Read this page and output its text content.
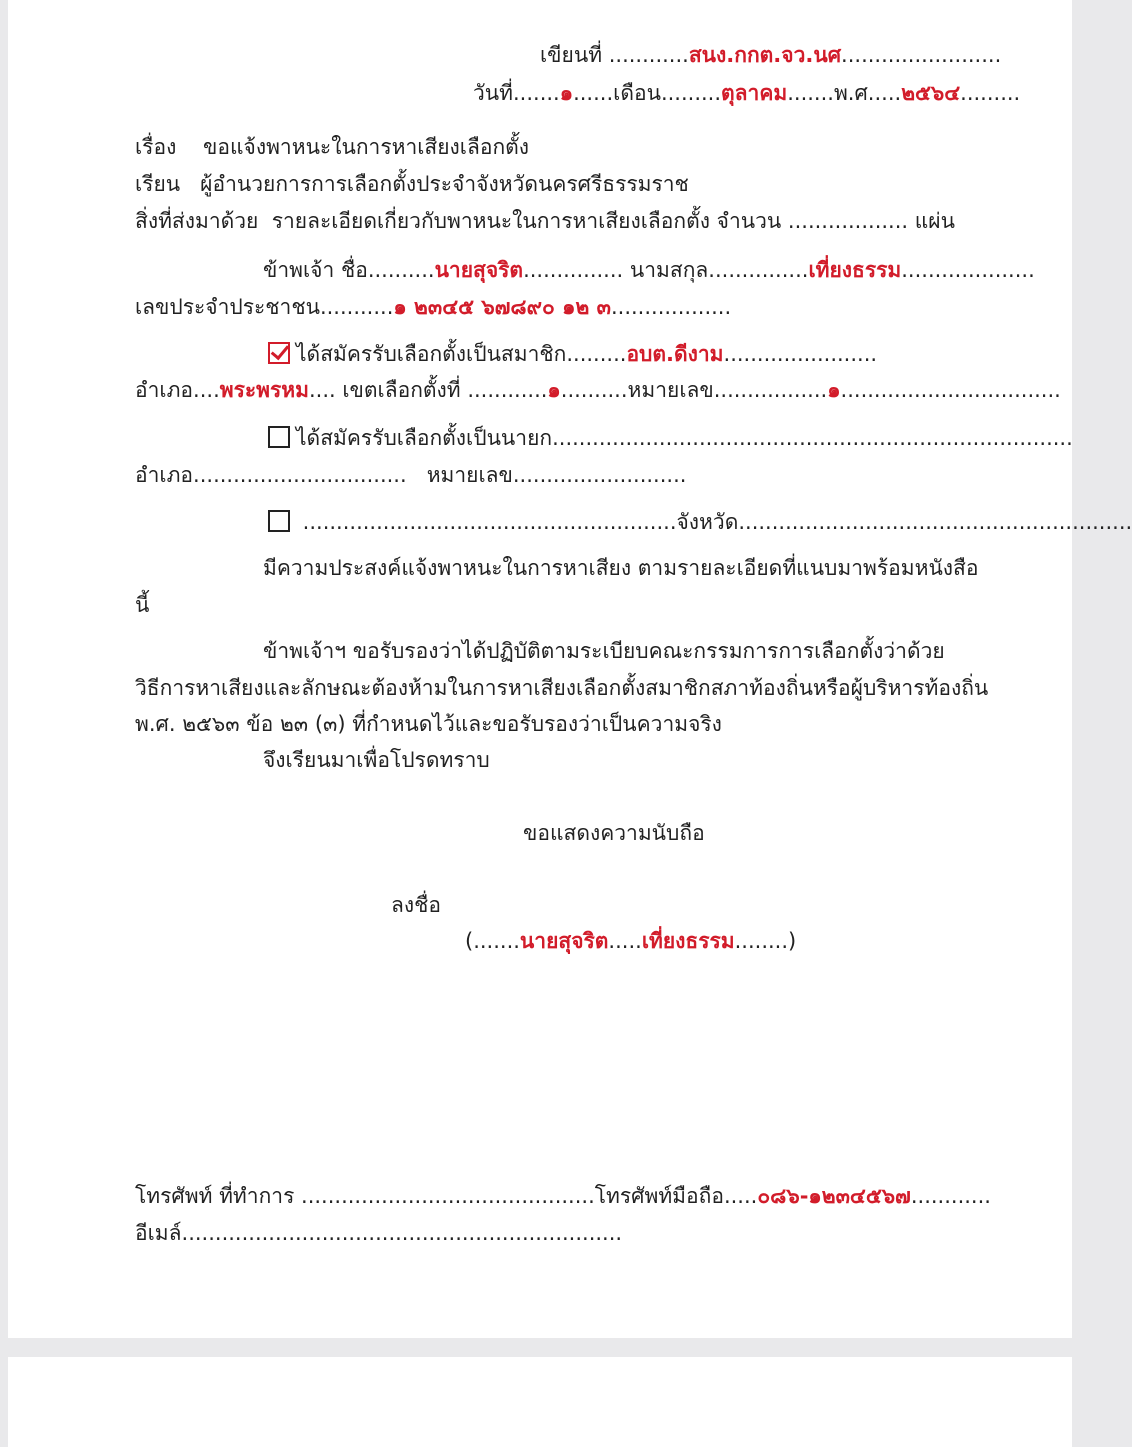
เขียนที่ ............สนง.กกต.จว.นศ........................
วันที่.......๑......เดือน.........ตุลาคม.......พ.ศ.....๒๕๖๔.........
เรื่อง ขอแจ้งพาหนะในการหาเสียงเลือกตั้ง
เรียน ผู้อำนวยการการเลือกตั้งประจำจังหวัดนครศรีธรรมราช
สิ่งที่ส่งมาด้วย รายละเอียดเกี่ยวกับพาหนะในการหาเสียงเลือกตั้ง จำนวน .................. แผ่น
ข้าพเจ้า ชื่อ..........นายสุจริต............... นามสกุล...............เที่ยงธรรม....................
เลขประจำประชาชน...........๑ ๒๓๔๕ ๖๗๘๙๐ ๑๒ ๓..................
ได้สมัครรับเลือกตั้งเป็นสมาชิก.........อบต.ดีงาม.......................
อำเภอ....พระพรหม.... เขตเลือกตั้งที่ ............๑..........หมายเลข.................๑.................................
ได้สมัครรับเลือกตั้งเป็นนายก..............................................................................
อำเภอ................................   หมายเลข..........................
........................................................จังหวัด...........................................................
มีความประสงค์แจ้งพาหนะในการหาเสียง ตามรายละเอียดที่แนบมาพร้อมหนังสือ
นี้
ข้าพเจ้าฯ ขอรับรองว่าได้ปฏิบัติตามระเบียบคณะกรรมการการเลือกตั้งว่าด้วย
วิธีการหาเสียงและลักษณะต้องห้ามในการหาเสียงเลือกตั้งสมาชิกสภาท้องถิ่นหรือผู้บริหารท้องถิ่น
พ.ศ. ๒๕๖๓ ข้อ ๒๓ (๓) ที่กำหนดไว้และขอรับรองว่าเป็นความจริง
จึงเรียนมาเพื่อโปรดทราบ
ขอแสดงความนับถือ
ลงชื่อ
(.......นายสุจริต.....เที่ยงธรรม........)
โทรศัพท์ ที่ทำการ ............................................โทรศัพท์มือถือ.....๐๘๖-๑๒๓๔๕๖๗............
อีเมล์..................................................................
